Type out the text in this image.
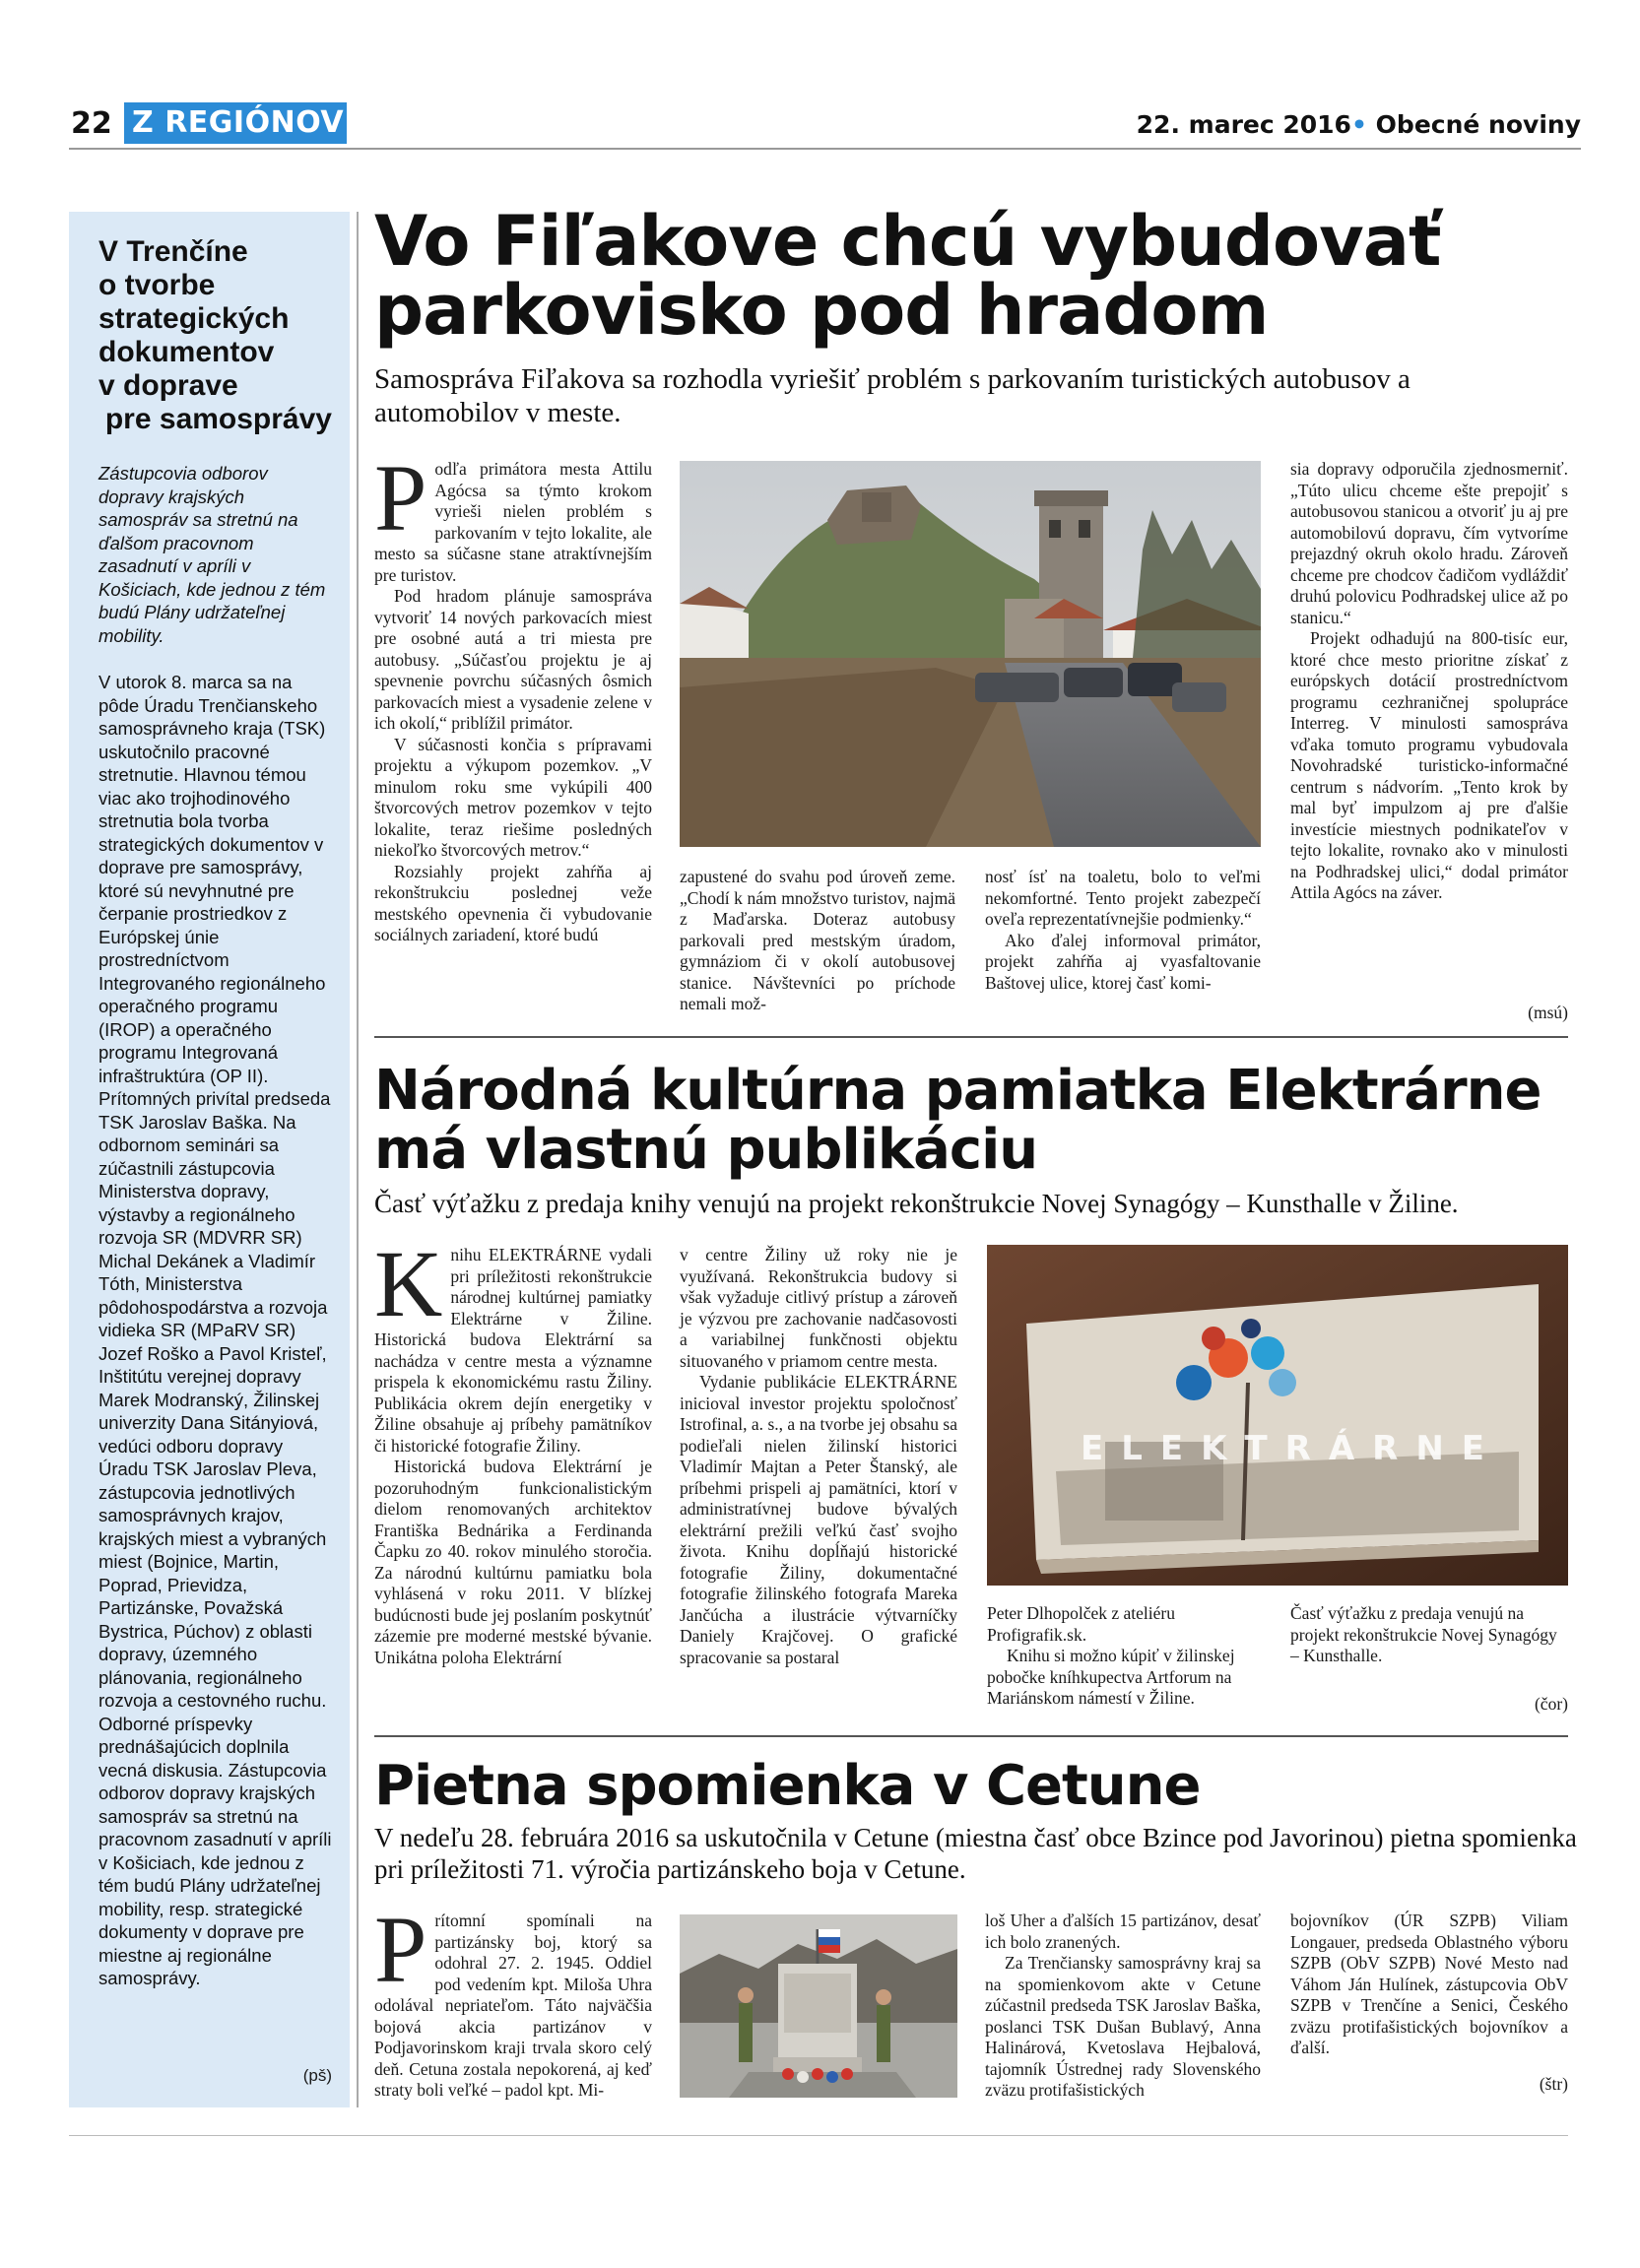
22 Z REGIÓNOV	22. marec 2016• Obecné noviny
V Trenčíne
o tvorbe
strategických
dokumentov
v doprave
pre samosprávy
Zástupcovia odborov dopravy krajských samospráv sa stretnú na ďalšom pracovnom zasadnutí v apríli v Košiciach, kde jednou z tém budú Plány udržateľnej mobility.
V utorok 8. marca sa na pôde Úradu Trenčianskeho samosprávneho kraja (TSK) uskutočnilo pracovné stretnutie. Hlavnou témou viac ako trojhodinového stretnutia bola tvorba strategických dokumentov v doprave pre samosprávy, ktoré sú nevyhnutné pre čerpanie prostriedkov z Európskej únie prostredníctvom Integrovaného regionálneho operačného programu (IROP) a operačného programu Integrovaná infraštruktúra (OP II). Prítomných privítal predseda TSK Jaroslav Baška. Na odbornom seminári sa zúčastnili zástupcovia Ministerstva dopravy, výstavby a regionálneho rozvoja SR (MDVRR SR) Michal Dekánek a Vladimír Tóth, Ministerstva pôdohospodárstva a rozvoja vidieka SR (MPaRV SR) Jozef Roško a Pavol Kristeľ, Inštitútu verejnej dopravy Marek Modranský, Žilinskej univerzity Dana Sitányiová, vedúci odboru dopravy Úradu TSK Jaroslav Pleva, zástupcovia jednotlivých samosprávnych krajov, krajských miest a vybraných miest (Bojnice, Martin, Poprad, Prievidza, Partizánske, Považská Bystrica, Púchov) z oblasti dopravy, územného plánovania, regionálneho rozvoja a cestovného ruchu. Odborné príspevky prednášajúcich doplnila vecná diskusia. Zástupcovia odborov dopravy krajských samospráv sa stretnú na pracovnom zasadnutí v apríli v Košiciach, kde jednou z tém budú Plány udržateľnej mobility, resp. strategické dokumenty v doprave pre miestne aj regionálne samosprávy.
(pš)
Vo Fiľakove chcú vybudovať
parkovisko pod hradom
Samospráva Fiľakova sa rozhodla vyriešiť problém s parkovaním turistických autobusov a automobilov v meste.

Podľa primátora mesta Attilu Agócsa sa týmto krokom vyrieši nielen problém s parkovaním v tejto lokalite, ale mesto sa súčasne stane atraktívnejším pre turistov.

Pod hradom plánuje samospráva vytvoriť 14 nových parkovacích miest pre osobné autá a tri miesta pre autobusy. „Súčasťou projektu je aj spevnenie povrchu súčasných ôsmich parkovacích miest a vysadenie zelene v ich okolí,“ priblížil primátor.

V súčasnosti končia s prípravami projektu a výkupom pozemkov. „V minulom roku sme vykúpili 400 štvorcových metrov pozemkov v tejto lokalite, teraz riešime posledných niekoľko štvorcových metrov.“

Rozsiahly projekt zahŕňa aj rekonštrukciu poslednej veže mestského opevnenia či vybudovanie sociálnych zariadení, ktoré budú

zapustené do svahu pod úroveň zeme. „Chodí k nám množstvo turistov, najmä z Maďarska. Doteraz autobusy parkovali pred mestským úradom, gymnáziom či v okolí autobusovej stanice. Návštevníci po príchode nemali mož-

nosť ísť na toaletu, bolo to veľmi nekomfortné. Tento projekt zabezpečí oveľa reprezentatívnejšie podmienky.“

Ako ďalej informoval primátor, projekt zahŕňa aj vyasfaltovanie Baštovej ulice, ktorej časť komi-

sia dopravy odporučila zjednosmerniť. „Túto ulicu chceme ešte prepojiť s autobusovou stanicou a otvoriť ju aj pre automobilovú dopravu, čím vytvoríme prejazdný okruh okolo hradu. Zároveň chceme pre chodcov čadičom vydláždiť druhú polovicu Podhradskej ulice až po stanicu.“

Projekt odhadujú na 800-tisíc eur, ktoré chce mesto prioritne získať z európskych dotácií prostredníctvom programu cezhraničnej spolupráce Interreg. V minulosti samospráva vďaka tomuto programu vybudovala Novohradské turisticko-informačné centrum s nádvorím. „Tento krok by mal byť impulzom aj pre ďalšie investície miestnych podnikateľov v tejto lokalite, rovnako ako v minulosti na Podhradskej ulici,“ dodal primátor Attila Agócs na záver.

(msú)
Národná kultúrna pamiatka Elektrárne
má vlastnú publikáciu
Časť výťažku z predaja knihy venujú na projekt rekonštrukcie Novej Synagógy – Kunsthalle v Žiline.

Knihu ELEKTRÁRNE vydali pri príležitosti rekonštrukcie národnej kultúrnej pamiatky Elektrárne v Žiline. Historická budova Elektrární sa nachádza v centre mesta a významne prispela k ekonomickému rastu Žiliny. Publikácia okrem dejín energetiky v Žiline obsahuje aj príbehy pamätníkov či historické fotografie Žiliny.

Historická budova Elektrární je pozoruhodným funkcionalistickým dielom renomovaných architektov Františka Bednárika a Ferdinanda Čapku zo 40. rokov minulého storočia. Za národnú kultúrnu pamiatku bola vyhlásená v roku 2011. V blízkej budúcnosti bude jej poslaním poskytnúť zázemie pre moderné mestské bývanie. Unikátna poloha Elektrární

v centre Žiliny už roky nie je využívaná. Rekonštrukcia budovy si však vyžaduje citlivý prístup a zároveň je výzvou pre zachovanie nadčasovosti a variabilnej funkčnosti objektu situovaného v priamom centre mesta.

Vydanie publikácie ELEKTRÁRNE inicioval investor projektu spoločnosť Istrofinal, a. s., a na tvorbe jej obsahu sa podieľali nielen žilinskí historici Vladimír Majtan a Peter Štanský, ale príbehmi prispeli aj pamätníci, ktorí v administratívnej budove bývalých elektrární prežili veľkú časť svojho života. Knihu dopĺňajú historické fotografie Žiliny, dokumentačné fotografie žilinského fotografa Mareka Jančúcha a ilustrácie výtvarníčky Daniely Krajčovej. O grafické spracovanie sa postaral

ELEKTRÁRNE
Peter Dlhopolček z ateliéru Profigrafik.sk.
Knihu si možno kúpiť v žilinskej pobočke kníhkupectva Artforum na Mariánskom námestí v Žiline.
Časť výťažku z predaja venujú na projekt rekonštrukcie Novej Synagógy – Kunsthalle.
(čor)
Pietna spomienka v Cetune
V nedeľu 28. februára 2016 sa uskutočnila v Cetune (miestna časť obce Bzince pod Javorinou) pietna spomienka pri príležitosti 71. výročia partizánskeho boja v Cetune.

Prítomní spomínali na partizánsky boj, ktorý sa odohral 27. 2. 1945. Oddiel pod vedením kpt. Miloša Uhra odolával nepriateľom. Táto najväčšia bojová akcia partizánov v Podjavorinskom kraji trvala skoro celý deň. Cetuna zostala nepokorená, aj keď straty boli veľké – padol kpt. Mi-

loš Uher a ďalších 15 partizánov, desať ich bolo zranených.

Za Trenčiansky samosprávny kraj sa na spomienkovom akte v Cetune zúčastnil predseda TSK Jaroslav Baška, poslanci TSK Dušan Bublavý, Anna Halinárová, Kvetoslava Hejbalová, tajomník Ústrednej rady Slovenského zväzu protifašistických

bojovníkov (ÚR SZPB) Viliam Longauer, predseda Oblastného výboru SZPB (ObV SZPB) Nové Mesto nad Váhom Ján Hulínek, zástupcovia ObV SZPB v Trenčíne a Senici, Českého zväzu protifašistických bojovníkov a ďalší.

(štr)
